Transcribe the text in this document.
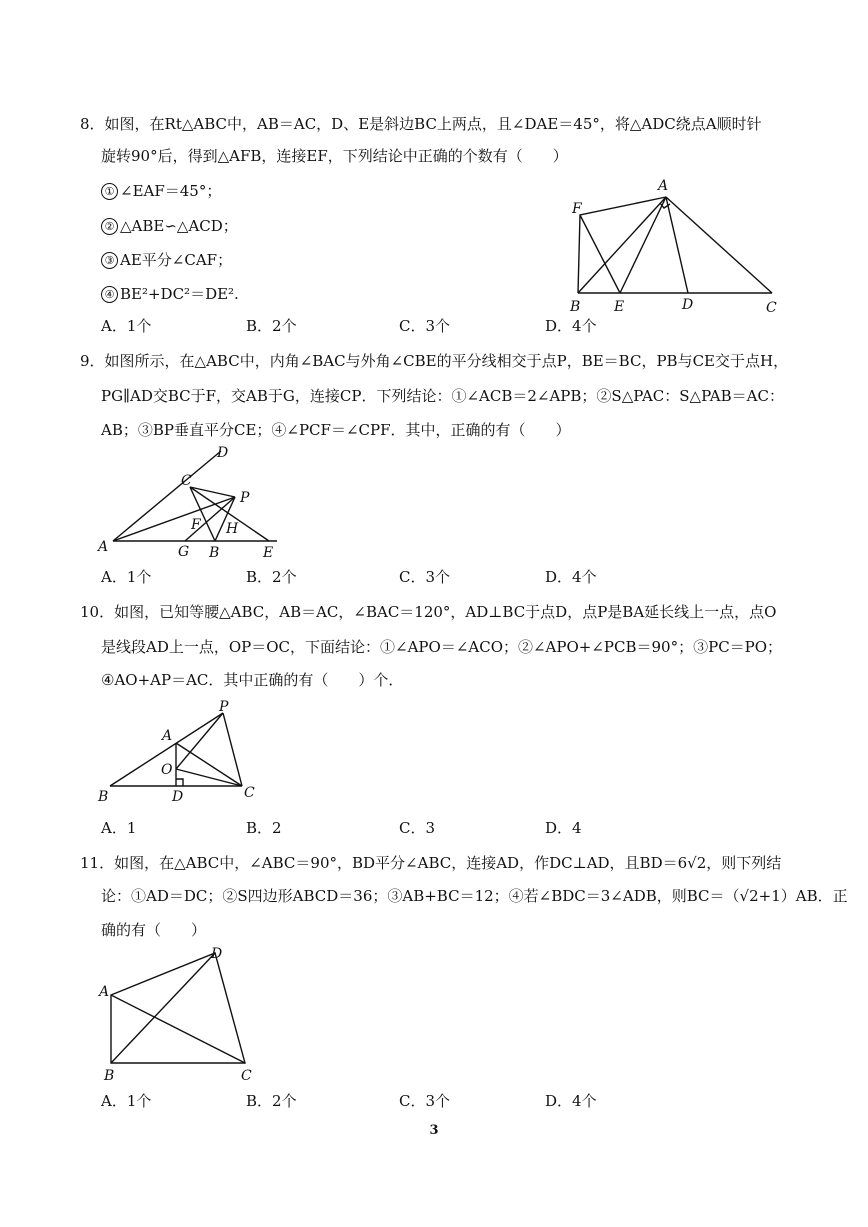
8．如图，在Rt△ABC中，AB＝AC，D、E是斜边BC上两点，且∠DAE＝45°，将△ADC绕点A顺时针
旋转90°后，得到△AFB，连接EF，下列结论中正确的个数有（　　）
① ∠EAF＝45°；
② △ABE∽△ACD；
③ AE平分∠CAF；
④ BE²+DC²＝DE².
A
F
B E	D	C
A．1个	B．2个	C．3个	D．4个
9．如图所示，在△ABC中，内角∠BAC与外角∠CBE的平分线相交于点P，BE＝BC，PB与CE交于点H，
PG∥AD交BC于F，交AB于G，连接CP．下列结论：①∠ACB＝2∠APB；②S△PAC：S△PAB＝AC：
AB；③BP垂直平分CE；④∠PCF＝∠CPF．其中，正确的有（　　）
D
C
P
F H
A	G B	E
A．1个	B．2个	C．3个	D．4个
10．如图，已知等腰△ABC，AB＝AC，∠BAC＝120°，AD⊥BC于点D，点P是BA延长线上一点，点O
是线段AD上一点，OP＝OC，下面结论：①∠APO＝∠ACO；②∠APO+∠PCB＝90°；③PC＝PO；
④AO+AP＝AC．其中正确的有（　　）个．
P
A
O
B	D	C
A．1	B．2	C．3	D．4
11．如图，在△ABC中，∠ABC＝90°，BD平分∠ABC，连接AD，作DC⊥AD，且BD＝6√2，则下列结
论：①AD＝DC；②S四边形ABCD＝36；③AB+BC＝12；④若∠BDC＝3∠ADB，则BC＝（√2+1）AB．正
确的有（　　）
D
A
B	C
A．1个	B．2个	C．3个	D．4个
3
